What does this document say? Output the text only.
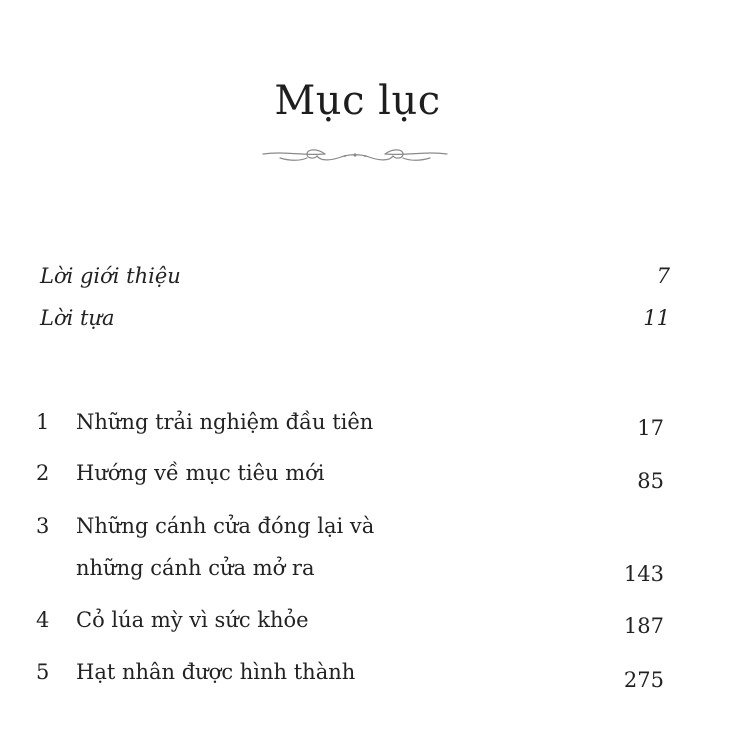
Mục lục
Lời giới thiệu	7
Lời tựa	11
1 Những trải nghiệm đầu tiên	17
2 Hướng về mục tiêu mới	85
3 Những cánh cửa đóng lại và
những cánh cửa mở ra	143
4 Cỏ lúa mỳ vì sức khỏe	187
5 Hạt nhân được hình thành	275
